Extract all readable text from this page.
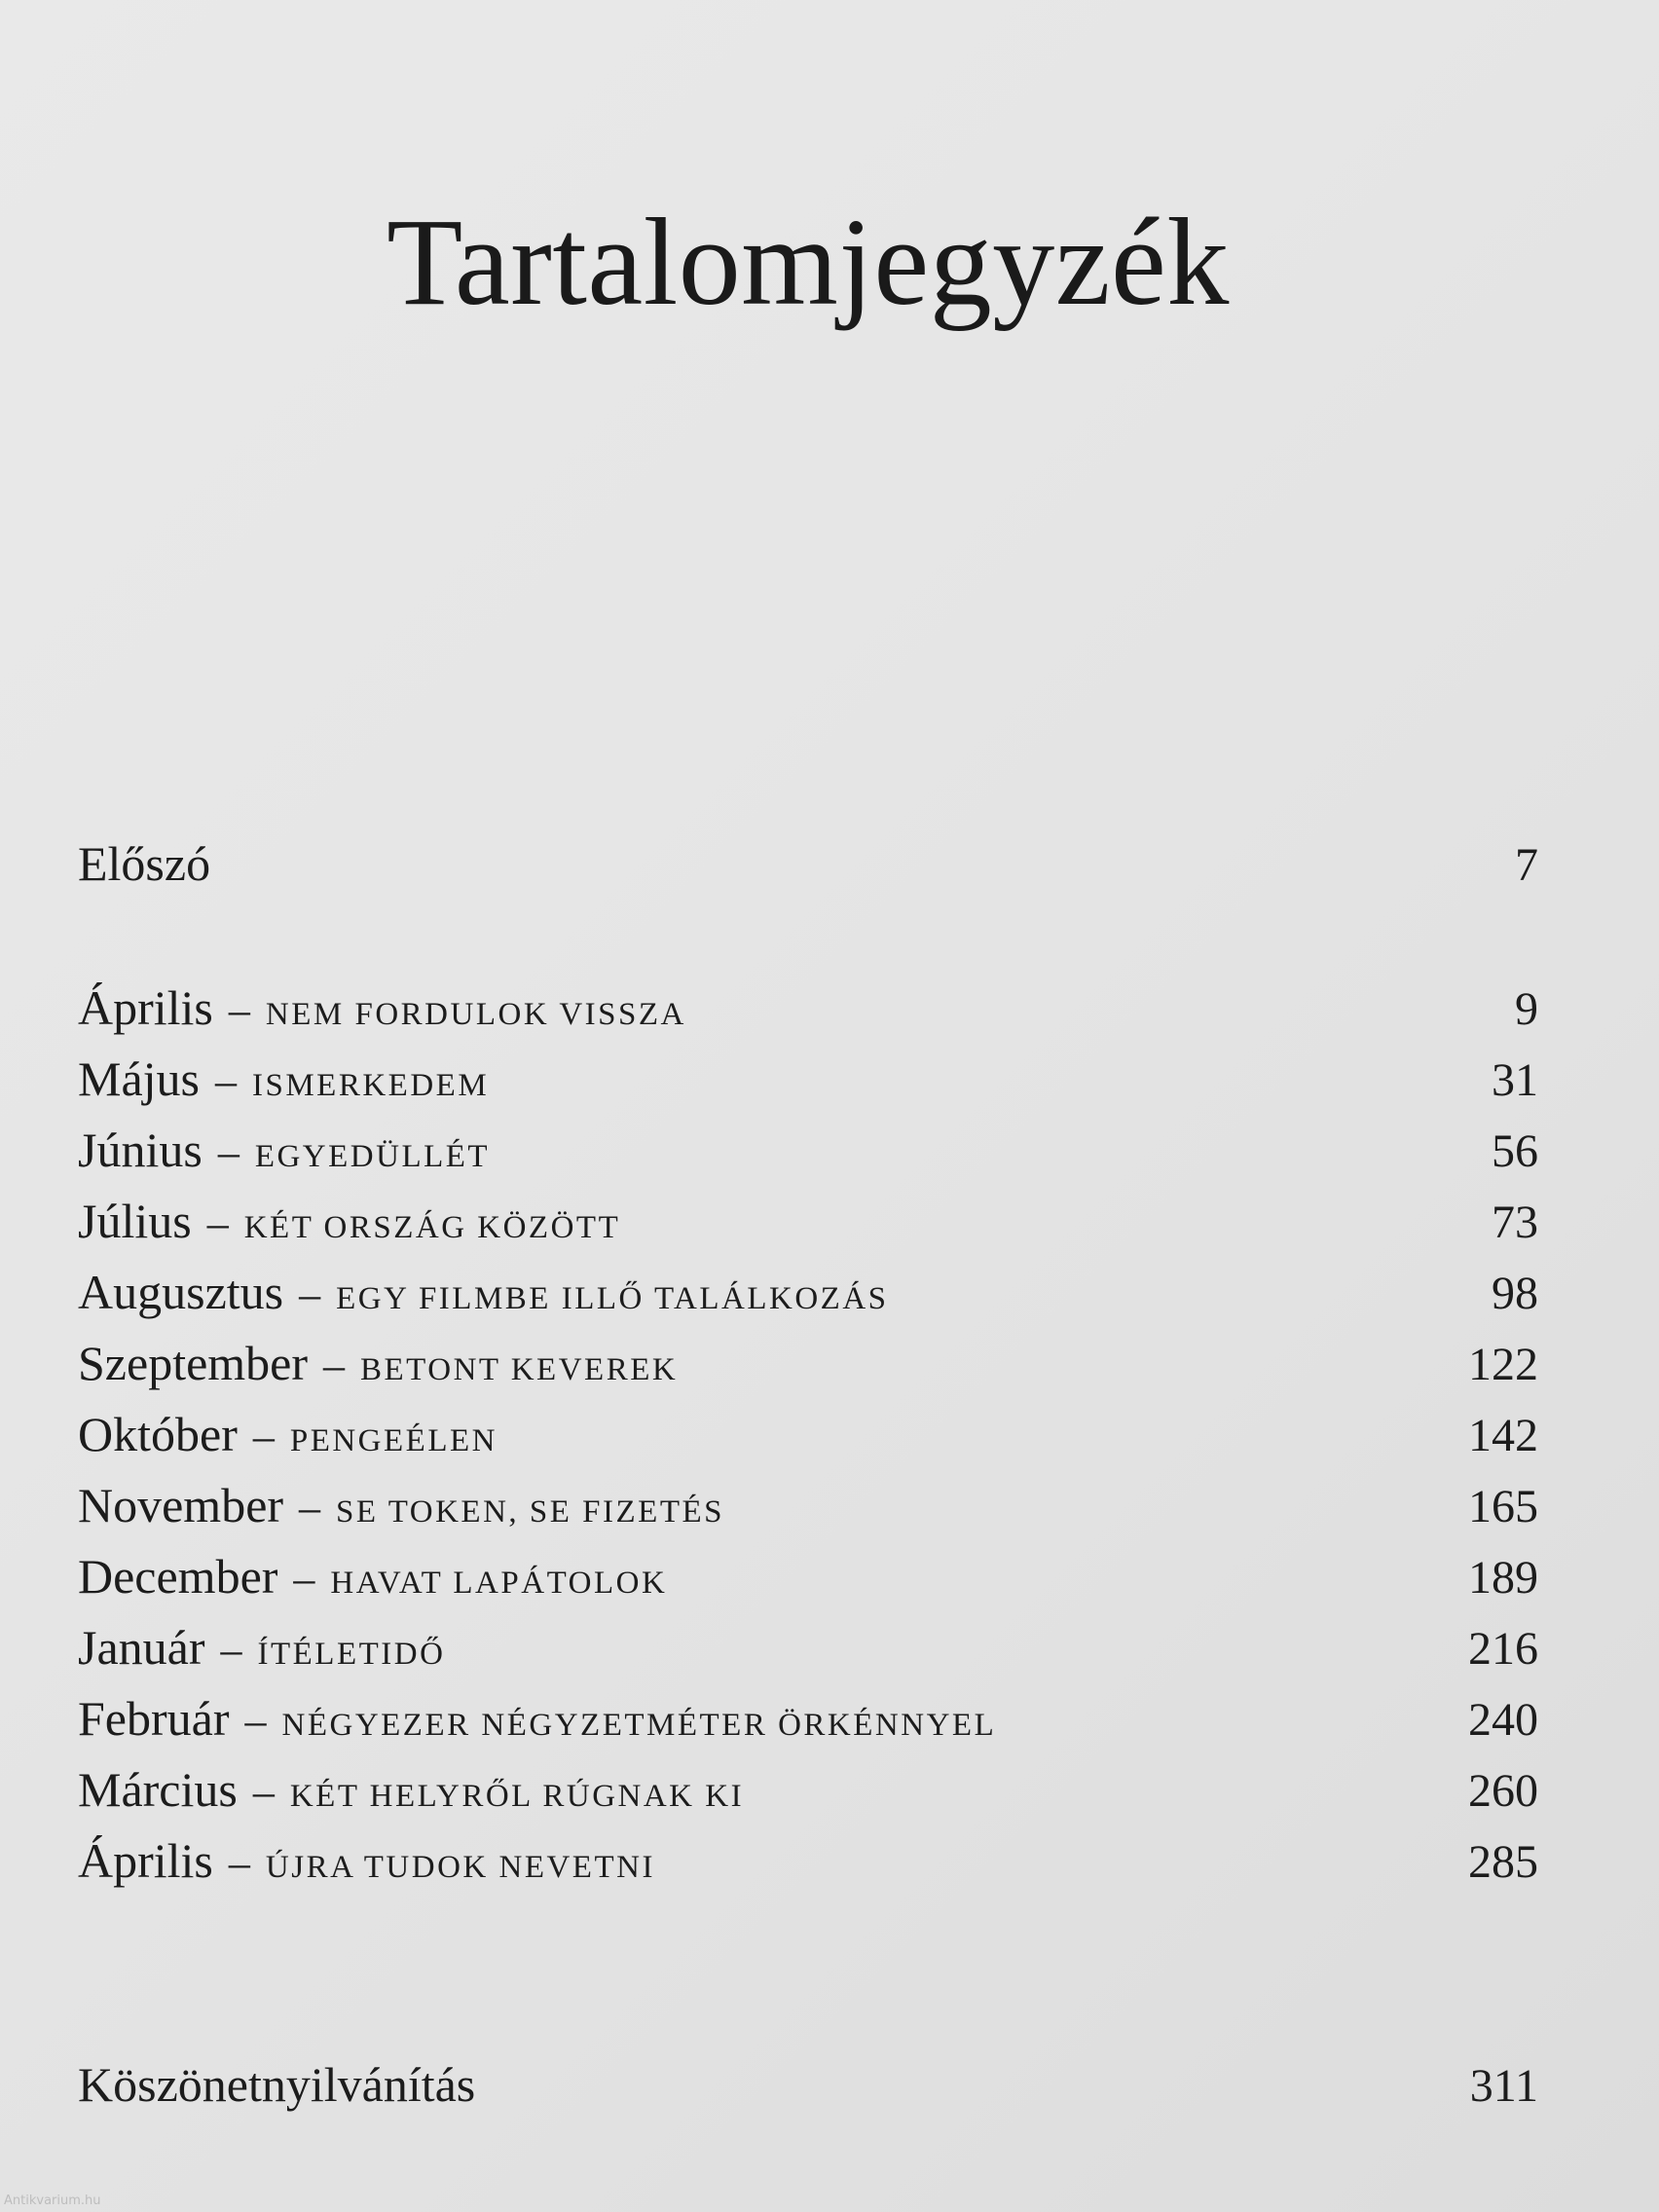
Tartalomjegyzék
Előszó	7
Április – NEM FORDULOK VISSZA	9
Május – ISMERKEDEM	31
Június – EGYEDÜLLÉT	56
Július – KÉT ORSZÁG KÖZÖTT	73
Augusztus – EGY FILMBE ILLŐ TALÁLKOZÁS	98
Szeptember – BETONT KEVEREK	122
Október – PENGEÉLEN	142
November – SE TOKEN, SE FIZETÉS	165
December – HAVAT LAPÁTOLOK	189
Január – ÍTÉLETIDŐ	216
Február – NÉGYEZER NÉGYZETMÉTER ÖRKÉNNYEL	240
Március – KÉT HELYRŐL RÚGNAK KI	260
Április – ÚJRA TUDOK NEVETNI	285
Köszönetnyilvánítás	311
Antikvarium.hu
